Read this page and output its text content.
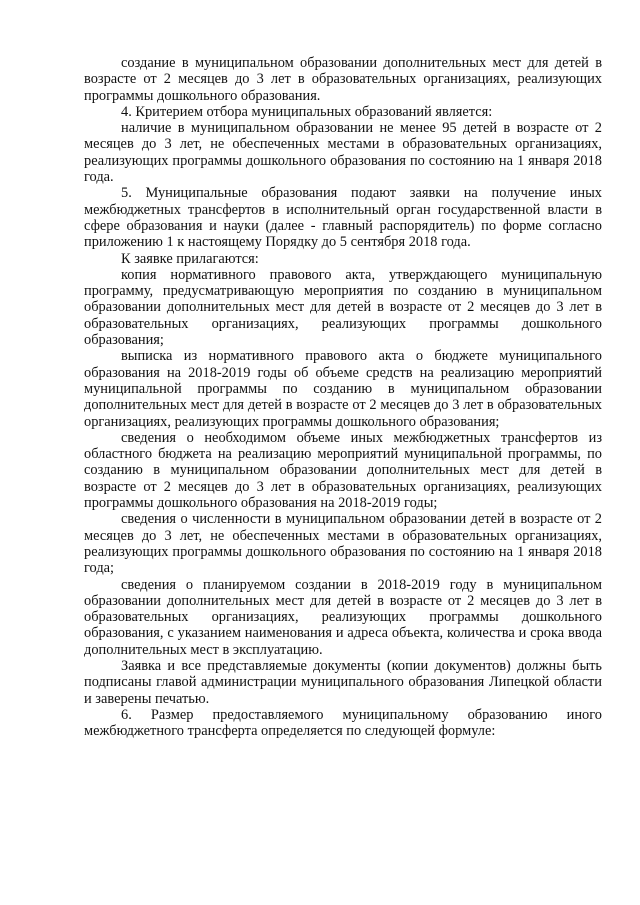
создание в муниципальном образовании дополнительных мест для детей в возрасте от 2 месяцев до 3 лет в образовательных организациях, реализующих программы дошкольного образования.

4. Критерием отбора муниципальных образований является:

наличие в муниципальном образовании не менее 95 детей в возрасте от 2 месяцев до 3 лет, не обеспеченных местами в образовательных организациях, реализующих программы дошкольного образования по состоянию на 1 января 2018 года.

5. Муниципальные образования подают заявки на получение иных межбюджетных трансфертов в исполнительный орган государственной власти в сфере образования и науки (далее - главный распорядитель) по форме согласно приложению 1 к настоящему Порядку до 5 сентября 2018 года.

К заявке прилагаются:

копия нормативного правового акта, утверждающего муниципальную программу, предусматривающую мероприятия по созданию в муниципальном образовании дополнительных мест для детей в возрасте от 2 месяцев до 3 лет в образовательных организациях, реализующих программы дошкольного образования;

выписка из нормативного правового акта о бюджете муниципального образования на 2018-2019 годы об объеме средств на реализацию мероприятий муниципальной программы по созданию в муниципальном образовании дополнительных мест для детей в возрасте от 2 месяцев до 3 лет в образовательных организациях, реализующих программы дошкольного образования;

сведения о необходимом объеме иных межбюджетных трансфертов из областного бюджета на реализацию мероприятий муниципальной программы, по созданию в муниципальном образовании дополнительных мест для детей в возрасте от 2 месяцев до 3 лет в образовательных организациях, реализующих программы дошкольного образования на 2018-2019 годы;

сведения о численности в муниципальном образовании детей в возрасте от 2 месяцев до 3 лет, не обеспеченных местами в образовательных организациях, реализующих программы дошкольного образования по состоянию на 1 января 2018 года;

сведения о планируемом создании в 2018-2019 году в муниципальном образовании дополнительных мест для детей в возрасте от 2 месяцев до 3 лет в образовательных организациях, реализующих программы дошкольного образования, с указанием наименования и адреса объекта, количества и срока ввода дополнительных мест в эксплуатацию.

Заявка и все представляемые документы (копии документов) должны быть подписаны главой администрации муниципального образования Липецкой области и заверены печатью.

6. Размер предоставляемого муниципальному образованию иного межбюджетного трансферта определяется по следующей формуле:
